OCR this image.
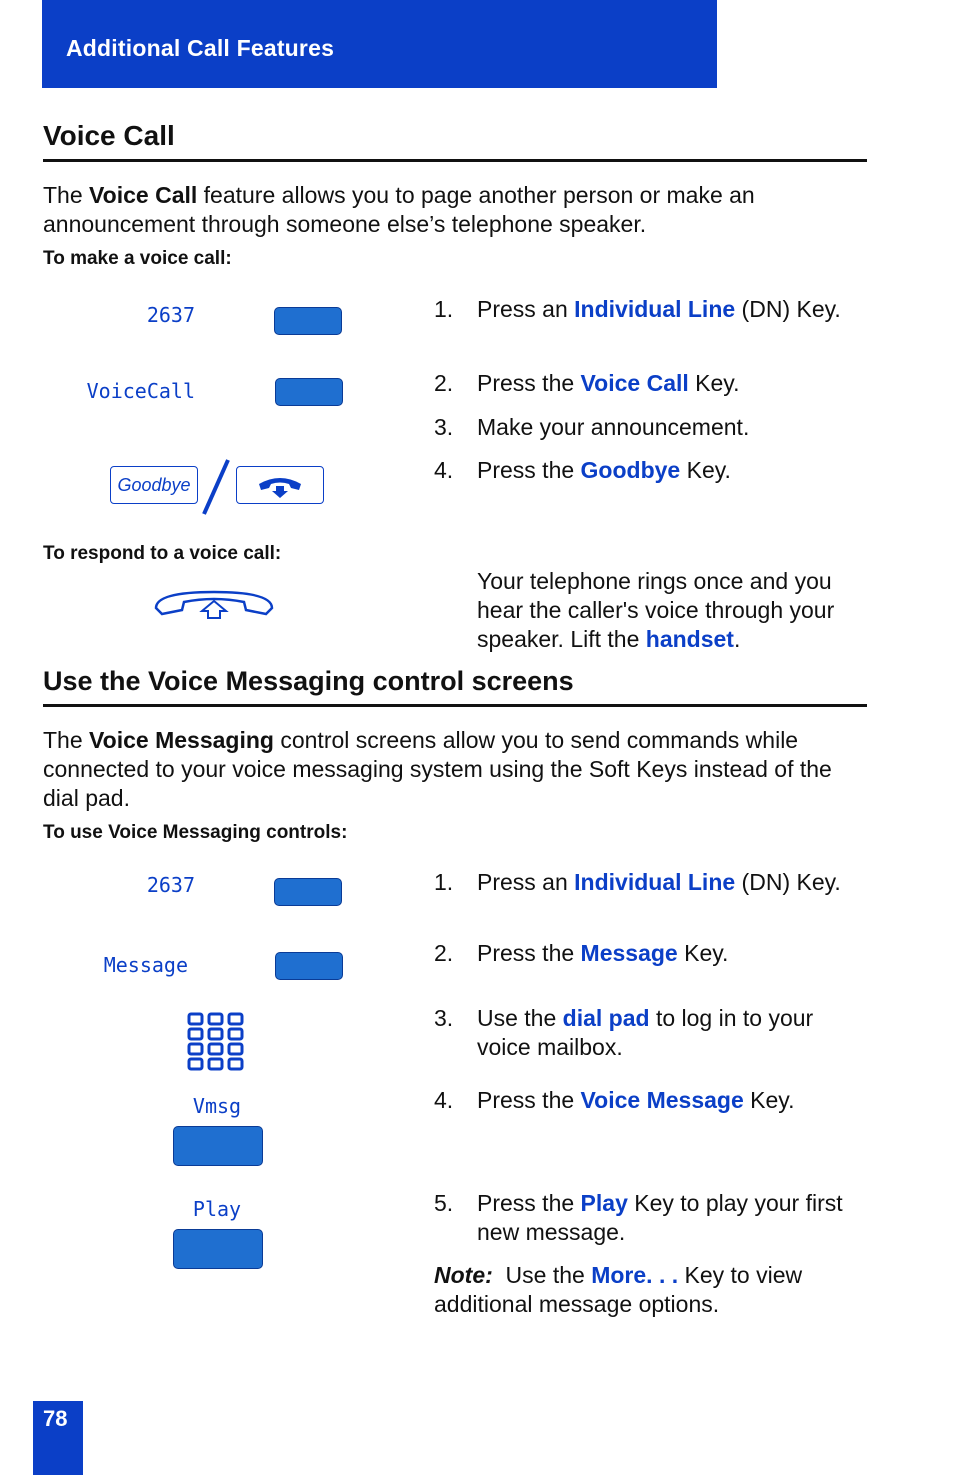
Additional Call Features
Voice Call
The Voice Call feature allows you to page another person or make an announcement through someone else’s telephone speaker.
To make a voice call:
2637
VoiceCall
Goodbye
1.	Press an Individual Line (DN) Key.
2.	Press the Voice Call Key.
3.	Make your announcement.
4.	Press the Goodbye Key.
To respond to a voice call:
Your telephone rings once and you hear the caller's voice through your speaker. Lift the handset.
Use the Voice Messaging control screens
The Voice Messaging control screens allow you to send commands while connected to your voice messaging system using the Soft Keys instead of the dial pad.
To use Voice Messaging controls:
2637
Message
Vmsg
Play
1.	Press an Individual Line (DN) Key.
2.	Press the Message Key.
3.	Use the dial pad to log in to your voice mailbox.
4.	Press the Voice Message Key.
5.	Press the Play Key to play your first new message.
Note:  Use the More. . . Key to view additional message options.
78
